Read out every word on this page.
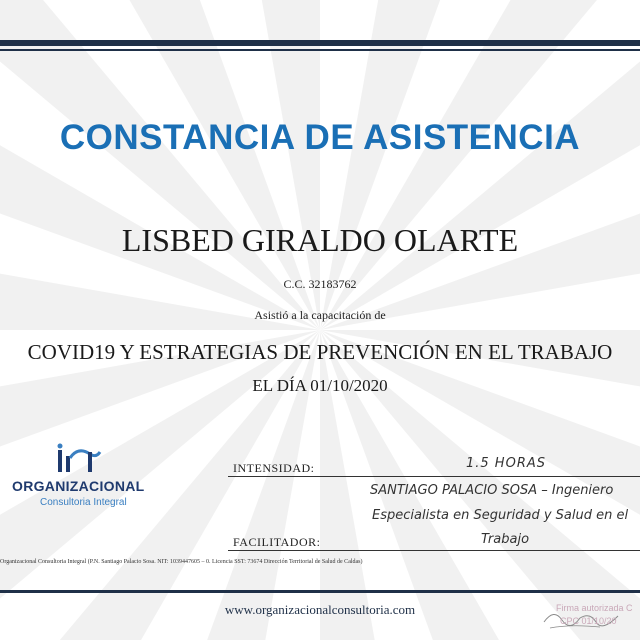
CONSTANCIA DE ASISTENCIA
LISBED GIRALDO OLARTE
C.C. 32183762
Asistió a la capacitación de
COVID19 Y ESTRATEGIAS DE PREVENCIÓN EN EL TRABAJO
EL DÍA 01/10/2020
ORGANIZACIONAL
Consultoria Integral
INTENSIDAD:	1.5 HORAS
SANTIAGO PALACIO SOSA – Ingeniero
Especialista en Seguridad y Salud en el
Trabajo
FACILITADOR:
Organizacional Consultoria Integral (P.N. Santiago Palacio Sosa. NIT: 1039447605 – 0. Licencia SST: 73674 Dirección Territorial de Salud de Caldas)
www.organizacionalconsultoria.com	Firma autorizada C
CPC 01/10/20
